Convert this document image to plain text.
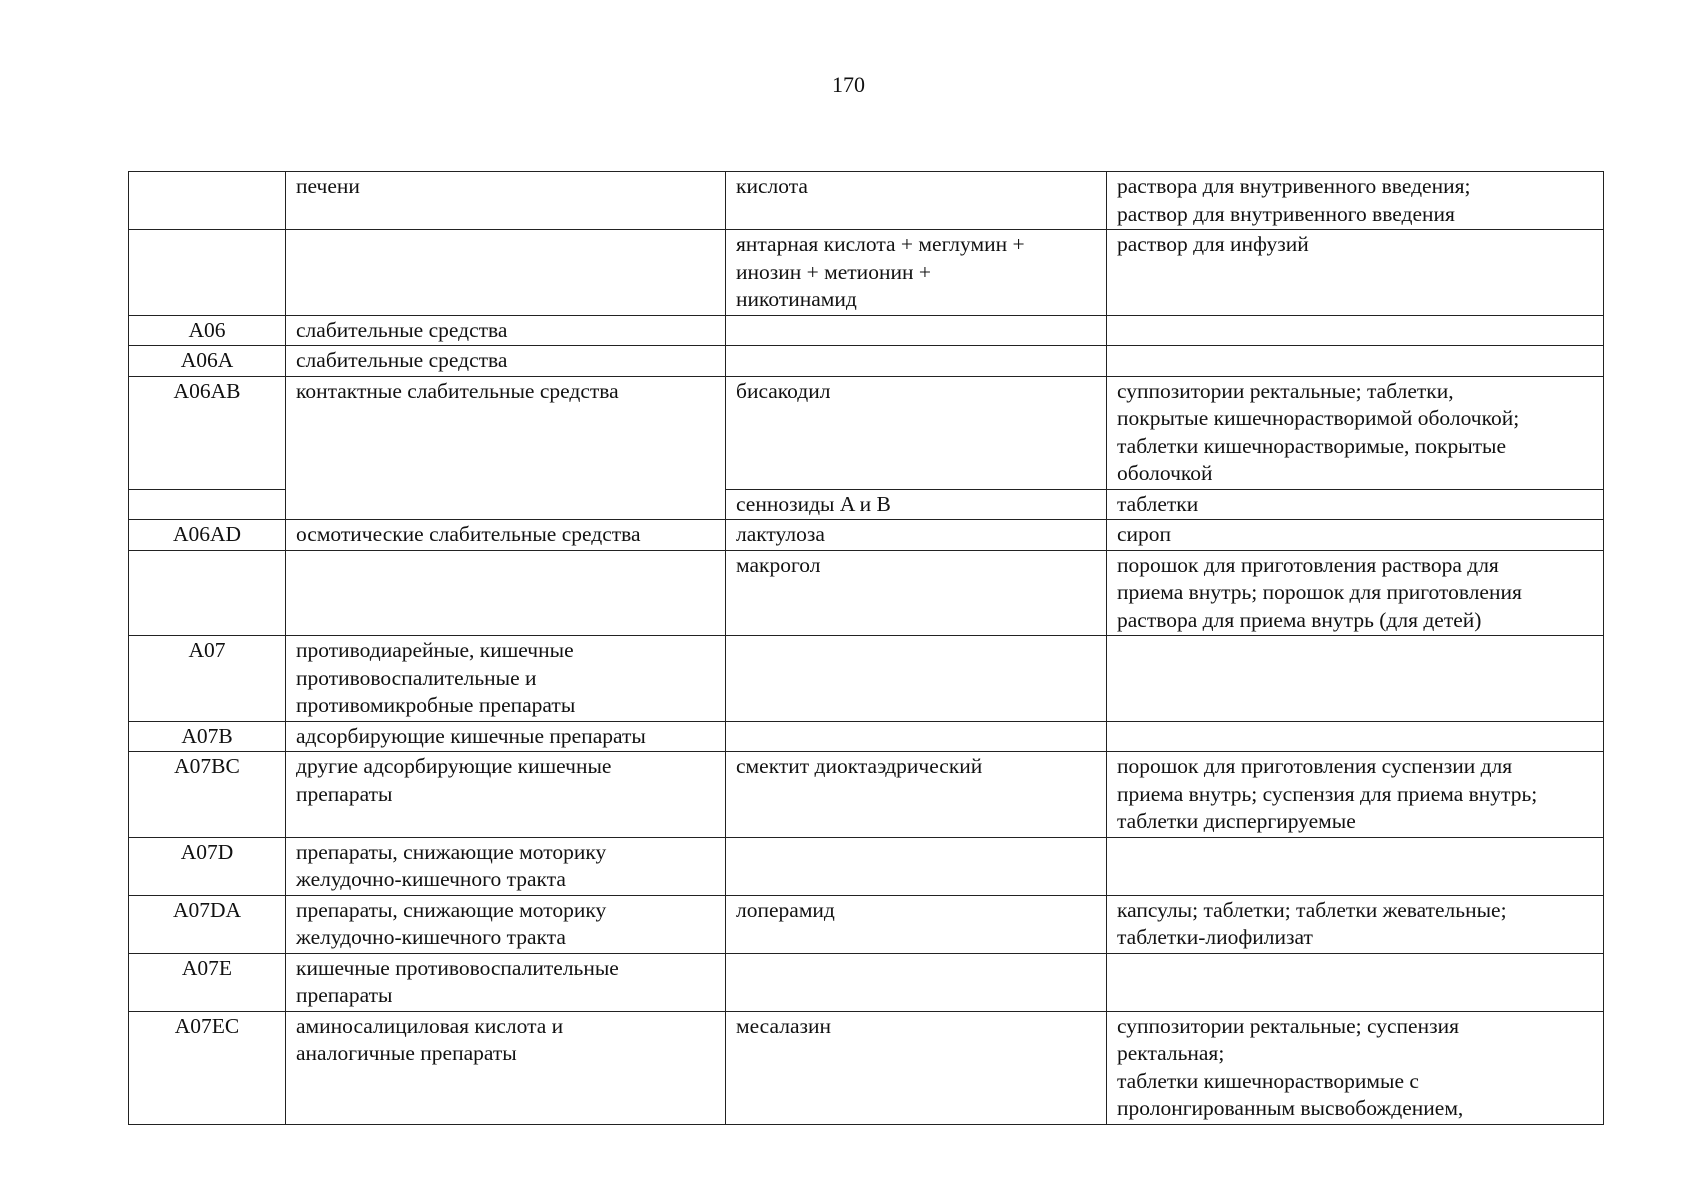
170

	печени	кислота	раствора для внутривенного введения;
раствор для внутривенного введения

		янтарная кислота + меглумин +
инозин + метионин +
никотинамид	раствор для инфузий

A06	слабительные средства		

A06A	слабительные средства		

A06AB	контактные слабительные средства	бисакодил	суппозитории ректальные; таблетки,
покрытые кишечнорастворимой оболочкой;
таблетки кишечнорастворимые, покрытые
оболочкой

		сеннозиды A и B	таблетки

A06AD	осмотические слабительные средства	лактулоза	сироп

		макрогол	порошок для приготовления раствора для
приема внутрь; порошок для приготовления
раствора для приема внутрь (для детей)

A07	противодиарейные, кишечные
противовоспалительные и
противомикробные препараты		

A07B	адсорбирующие кишечные препараты		

A07BC	другие адсорбирующие кишечные
препараты	смектит диоктаэдрический	порошок для приготовления суспензии для
приема внутрь; суспензия для приема внутрь;
таблетки диспергируемые

A07D	препараты, снижающие моторику
желудочно-кишечного тракта		

A07DA	препараты, снижающие моторику
желудочно-кишечного тракта	лоперамид	капсулы; таблетки; таблетки жевательные;
таблетки-лиофилизат

A07E	кишечные противовоспалительные
препараты		

A07EC	аминосалициловая кислота и
аналогичные препараты	месалазин	суппозитории ректальные; суспензия
ректальная;
таблетки кишечнорастворимые с
пролонгированным высвобождением,
